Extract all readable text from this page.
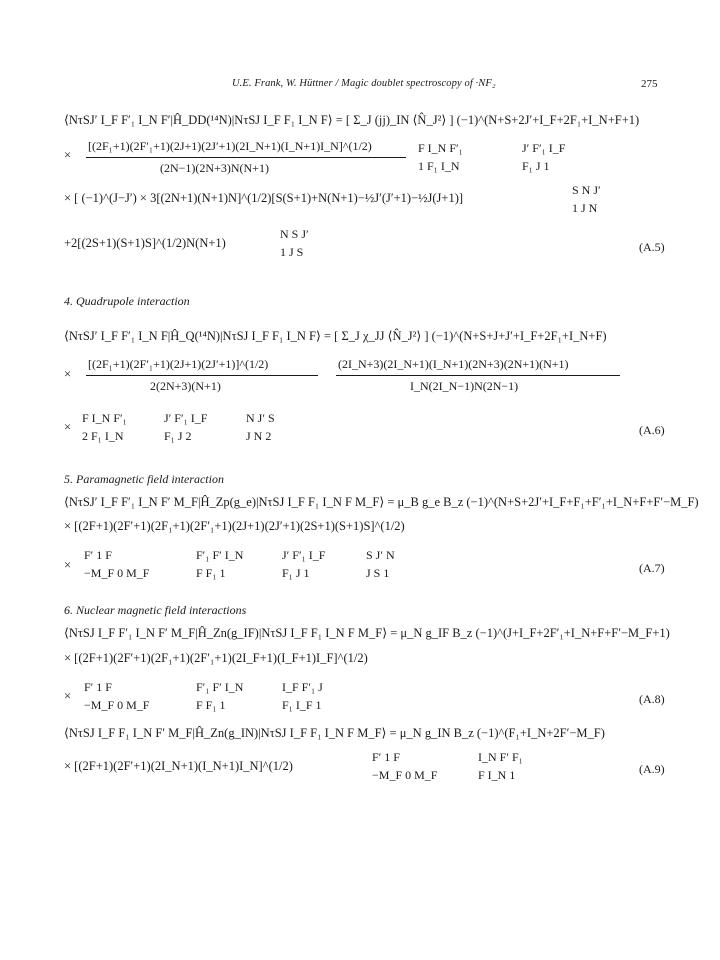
U.E. Frank, W. Hüttner / Magic doublet spectroscopy of ·NF₂	275
⟨NτSJ′ I_F F′₁ I_N F′|Ĥ_DD(¹⁴N)|NτSJ I_F F₁ I_N F⟩ = [ Σ_J (jj)_IN ⟨N̂_J²⟩ ] (−1)^(N+S+2J′+I_F+2F₁+I_N+F+1)
×
[(2F₁+1)(2F′₁+1)(2J+1)(2J′+1)(2I_N+1)(I_N+1)I_N]^(1/2)
(2N−1)(2N+3)N(N+1)
F I_N F′₁
1 F₁ I_N
J′ F′₁ I_F
F₁ J 1
× [ (−1)^(J−J′) × 3[(2N+1)(N+1)N]^(1/2)[S(S+1)+N(N+1)−½J′(J′+1)−½J(J+1)]
S N J′
1 J N
+2[(2S+1)(S+1)S]^(1/2)N(N+1)
N S J′
1 J S	(A.5)
4. Quadrupole interaction
⟨NτSJ′ I_F F′₁ I_N F|Ĥ_Q(¹⁴N)|NτSJ I_F F₁ I_N F⟩ = [ Σ_J χ_JJ ⟨N̂_J²⟩ ] (−1)^(N+S+J+J′+I_F+2F₁+I_N+F)
×
[(2F₁+1)(2F′₁+1)(2J+1)(2J′+1)]^(1/2)
2(2N+3)(N+1)
(2I_N+3)(2I_N+1)(I_N+1)(2N+3)(2N+1)(N+1)
I_N(2I_N−1)N(2N−1)
×
F I_N F′₁
2 F₁ I_N
J′ F′₁ I_F
F₁ J 2
N J′ S
J N 2	(A.6)
5. Paramagnetic field interaction
⟨NτSJ′ I_F F′₁ I_N F′ M_F|Ĥ_Zp(g_e)|NτSJ I_F F₁ I_N F M_F⟩ = μ_B g_e B_z (−1)^(N+S+2J′+I_F+F₁+F′₁+I_N+F+F′−M_F)
× [(2F+1)(2F′+1)(2F₁+1)(2F′₁+1)(2J+1)(2J′+1)(2S+1)(S+1)S]^(1/2)
×
F′ 1 F
−M_F 0 M_F
F′₁ F′ I_N
F F₁ 1
J′ F′₁ I_F
F₁ J 1
S J′ N
J S 1	(A.7)
6. Nuclear magnetic field interactions
⟨NτSJ I_F F′₁ I_N F′ M_F|Ĥ_Zn(g_IF)|NτSJ I_F F₁ I_N F M_F⟩ = μ_N g_IF B_z (−1)^(J+I_F+2F′₁+I_N+F+F′−M_F+1)
× [(2F+1)(2F′+1)(2F₁+1)(2F′₁+1)(2I_F+1)(I_F+1)I_F]^(1/2)
×
F′ 1 F
−M_F 0 M_F
F′₁ F′ I_N
F F₁ 1
I_F F′₁ J
F₁ I_F 1	(A.8)
⟨NτSJ I_F F₁ I_N F′ M_F|Ĥ_Zn(g_IN)|NτSJ I_F F₁ I_N F M_F⟩ = μ_N g_IN B_z (−1)^(F₁+I_N+2F′−M_F)
× [(2F+1)(2F′+1)(2I_N+1)(I_N+1)I_N]^(1/2)
F′ 1 F
−M_F 0 M_F
I_N F′ F₁
F I_N 1	(A.9)
